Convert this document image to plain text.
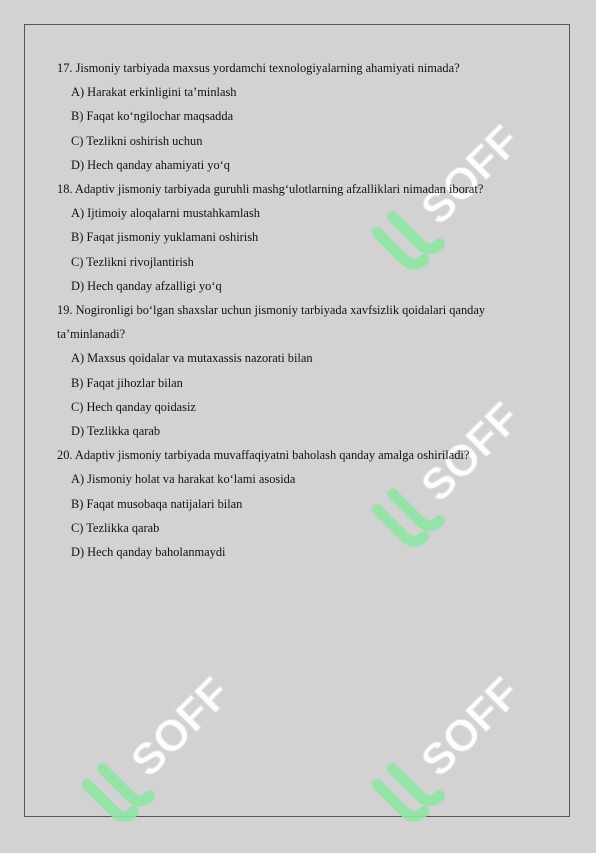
SOFF
SOFF
SOFF	SOFF

17. Jismoniy tarbiyada maxsus yordamchi texnologiyalarning ahamiyati nimada?

A) Harakat erkinligini ta’minlash

B) Faqat ko‘ngilochar maqsadda

C) Tezlikni oshirish uchun

D) Hech qanday ahamiyati yo‘q

18. Adaptiv jismoniy tarbiyada guruhli mashg‘ulotlarning afzalliklari nimadan iborat?

A) Ijtimoiy aloqalarni mustahkamlash

B) Faqat jismoniy yuklamani oshirish

C) Tezlikni rivojlantirish

D) Hech qanday afzalligi yo‘q

19. Nogironligi bo‘lgan shaxslar uchun jismoniy tarbiyada xavfsizlik qoidalari qanday ta’minlanadi?

A) Maxsus qoidalar va mutaxassis nazorati bilan

B) Faqat jihozlar bilan

C) Hech qanday qoidasiz

D) Tezlikka qarab

20. Adaptiv jismoniy tarbiyada muvaffaqiyatni baholash qanday amalga oshiriladi?

A) Jismoniy holat va harakat ko‘lami asosida

B) Faqat musobaqa natijalari bilan

C) Tezlikka qarab

D) Hech qanday baholanmaydi
